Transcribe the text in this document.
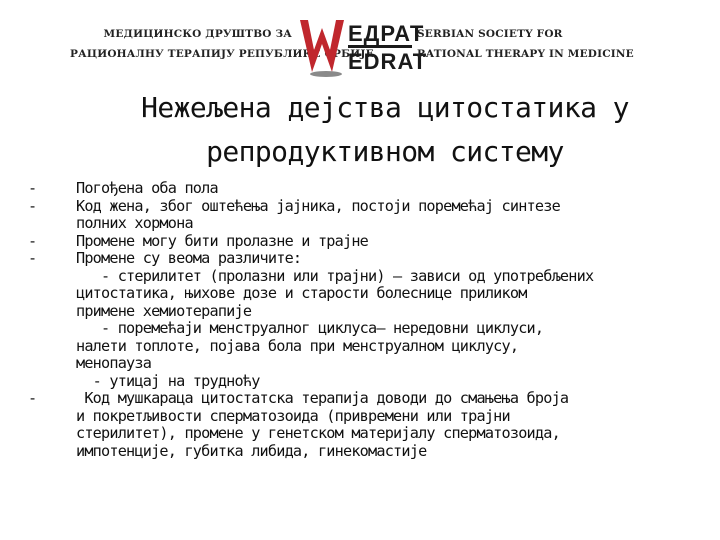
МЕДИЦИНСКО ДРУШТВО ЗА
РАЦИОНАЛНУ ТЕРАПИЈУ РЕПУБЛИКЕ СРБИЈЕ
ЕДРАТ
EDRAT
SERBIAN SOCIETY FOR
RATIONAL THERAPY IN MEDICINE
Нежељена дејства цитостатика у
репродуктивном систему
-	Погођена оба пола
-	Код жена, због оштећења јајника, постоји поремећај синтезе
полних хормона
-	Промене могу бити пролазне и трајне
-	Промене су веома различите:
- стерилитет (пролазни или трајни) – зависи од употребљених
цитостатика, њихове дозе и старости болеснице приликом
примене хемиотерапије
- поремећаји менструалног циклуса– нередовни циклуси,
налети топлоте, појава бола при менструалном циклусу,
менопауза
- утицај на трудноћу
-	Код мушкараца цитостатска терапија доводи до смањења броја
и покретљивости сперматозоида (привремени или трајни
стерилитет), промене у генетском материјалу сперматозоида,
импотенције, губитка либида, гинекомастије
